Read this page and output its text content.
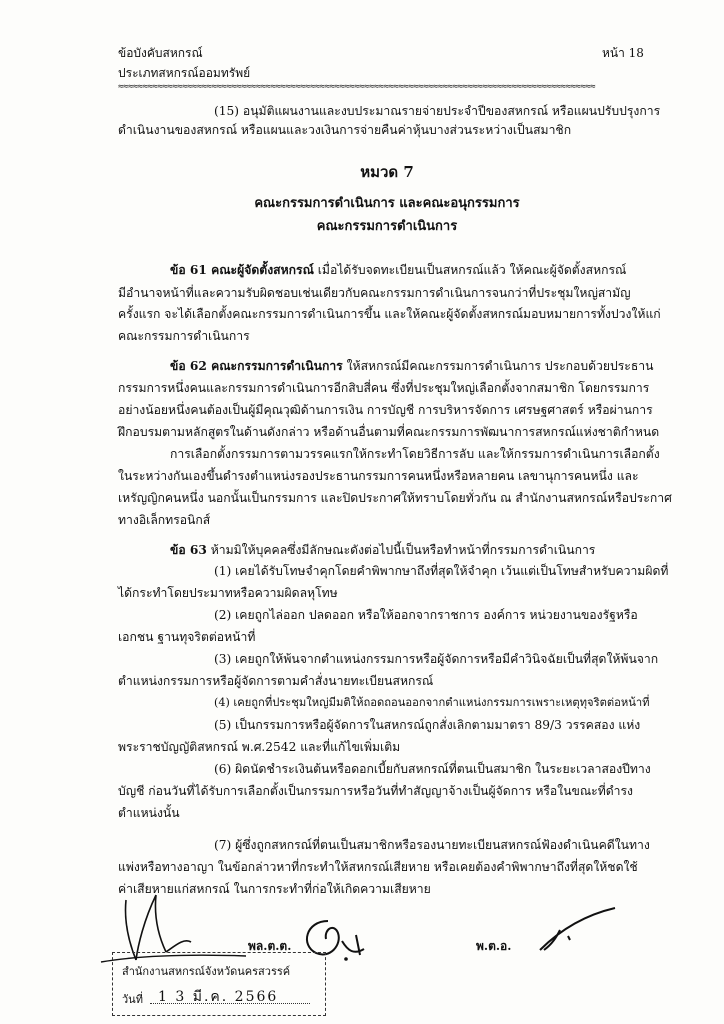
ข้อบังคับสหกรณ์
ประเภทสหกรณ์ออมทรัพย์
หน้า 18
≈≈≈≈≈≈≈≈≈≈≈≈≈≈≈≈≈≈≈≈≈≈≈≈≈≈≈≈≈≈≈≈≈≈≈≈≈≈≈≈≈≈≈≈≈≈≈≈≈≈≈≈≈≈≈≈≈≈≈≈≈≈≈≈≈≈≈≈≈≈≈≈≈≈≈≈≈≈≈≈≈≈≈≈≈≈≈≈≈≈≈≈≈≈≈≈≈
(15) อนุมัติแผนงานและงบประมาณรายจ่ายประจำปีของสหกรณ์ หรือแผนปรับปรุงการ
ดำเนินงานของสหกรณ์ หรือแผนและวงเงินการจ่ายคืนค่าหุ้นบางส่วนระหว่างเป็นสมาชิก
หมวด 7
คณะกรรมการดำเนินการ และคณะอนุกรรมการ
คณะกรรมการดำเนินการ
ข้อ 61 คณะผู้จัดตั้งสหกรณ์ เมื่อได้รับจดทะเบียนเป็นสหกรณ์แล้ว ให้คณะผู้จัดตั้งสหกรณ์
มีอำนาจหน้าที่และความรับผิดชอบเช่นเดียวกับคณะกรรมการดำเนินการจนกว่าที่ประชุมใหญ่สามัญ
ครั้งแรก จะได้เลือกตั้งคณะกรรมการดำเนินการขึ้น และให้คณะผู้จัดตั้งสหกรณ์มอบหมายการทั้งปวงให้แก่
คณะกรรมการดำเนินการ
ข้อ 62 คณะกรรมการดำเนินการ ให้สหกรณ์มีคณะกรรมการดำเนินการ ประกอบด้วยประธาน
กรรมการหนึ่งคนและกรรมการดำเนินการอีกสิบสี่คน ซึ่งที่ประชุมใหญ่เลือกตั้งจากสมาชิก โดยกรรมการ
อย่างน้อยหนึ่งคนต้องเป็นผู้มีคุณวุฒิด้านการเงิน การบัญชี การบริหารจัดการ เศรษฐศาสตร์ หรือผ่านการ
ฝึกอบรมตามหลักสูตรในด้านดังกล่าว หรือด้านอื่นตามที่คณะกรรมการพัฒนาการสหกรณ์แห่งชาติกำหนด
การเลือกตั้งกรรมการตามวรรคแรกให้กระทำโดยวิธีการลับ และให้กรรมการดำเนินการเลือกตั้ง
ในระหว่างกันเองขึ้นดำรงตำแหน่งรองประธานกรรมการคนหนึ่งหรือหลายคน เลขานุการคนหนึ่ง และ
เหรัญญิกคนหนึ่ง นอกนั้นเป็นกรรมการ และปิดประกาศให้ทราบโดยทั่วกัน ณ สำนักงานสหกรณ์หรือประกาศ
ทางอิเล็กทรอนิกส์
ข้อ 63 ห้ามมิให้บุคคลซึ่งมีลักษณะดังต่อไปนี้เป็นหรือทำหน้าที่กรรมการดำเนินการ
(1) เคยได้รับโทษจำคุกโดยคำพิพากษาถึงที่สุดให้จำคุก เว้นแต่เป็นโทษสำหรับความผิดที่
ได้กระทำโดยประมาทหรือความผิดลหุโทษ
(2) เคยถูกไล่ออก ปลดออก หรือให้ออกจากราชการ องค์การ หน่วยงานของรัฐหรือ
เอกชน ฐานทุจริตต่อหน้าที่
(3) เคยถูกให้พ้นจากตำแหน่งกรรมการหรือผู้จัดการหรือมีคำวินิจฉัยเป็นที่สุดให้พ้นจาก
ตำแหน่งกรรมการหรือผู้จัดการตามคำสั่งนายทะเบียนสหกรณ์
(4) เคยถูกที่ประชุมใหญ่มีมติให้ถอดถอนออกจากตำแหน่งกรรมการเพราะเหตุทุจริตต่อหน้าที่
(5) เป็นกรรมการหรือผู้จัดการในสหกรณ์ถูกสั่งเลิกตามมาตรา 89/3 วรรคสอง แห่ง
พระราชบัญญัติสหกรณ์ พ.ศ.2542 และที่แก้ไขเพิ่มเติม
(6) ผิดนัดชำระเงินต้นหรือดอกเบี้ยกับสหกรณ์ที่ตนเป็นสมาชิก ในระยะเวลาสองปีทาง
บัญชี ก่อนวันที่ได้รับการเลือกตั้งเป็นกรรมการหรือวันที่ทำสัญญาจ้างเป็นผู้จัดการ หรือในขณะที่ดำรง
ตำแหน่งนั้น
(7) ผู้ซึ่งถูกสหกรณ์ที่ตนเป็นสมาชิกหรือรองนายทะเบียนสหกรณ์ฟ้องดำเนินคดีในทาง
แพ่งหรือทางอาญา ในข้อกล่าวหาที่กระทำให้สหกรณ์เสียหาย หรือเคยต้องคำพิพากษาถึงที่สุดให้ชดใช้
ค่าเสียหายแก่สหกรณ์ ในการกระทำที่ก่อให้เกิดความเสียหาย
พล.ต.ต.	พ.ต.อ.
สำนักงานสหกรณ์จังหวัดนครสวรรค์
วันที่ 1 3 มี.ค. 2566
